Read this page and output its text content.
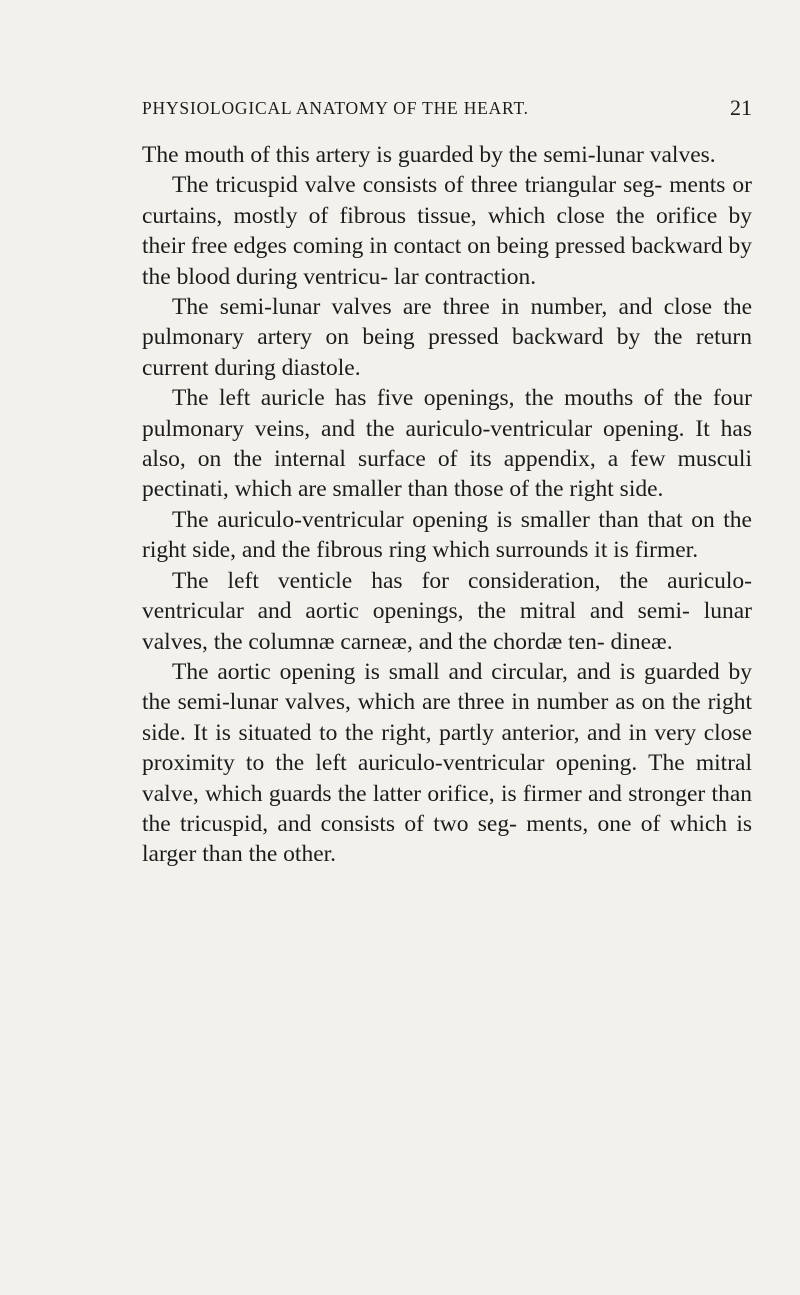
PHYSIOLOGICAL ANATOMY OF THE HEART.	21

The mouth of this artery is guarded by the semi-lunar valves.

The tricuspid valve consists of three triangular seg- ments or curtains, mostly of fibrous tissue, which close the orifice by their free edges coming in contact on being pressed backward by the blood during ventricu- lar contraction.

The semi-lunar valves are three in number, and close the pulmonary artery on being pressed backward by the return current during diastole.

The left auricle has five openings, the mouths of the four pulmonary veins, and the auriculo-ventricular opening. It has also, on the internal surface of its appendix, a few musculi pectinati, which are smaller than those of the right side.

The auriculo-ventricular opening is smaller than that on the right side, and the fibrous ring which surrounds it is firmer.

The left venticle has for consideration, the auriculo- ventricular and aortic openings, the mitral and semi- lunar valves, the columnæ carneæ, and the chordæ ten- dineæ.

The aortic opening is small and circular, and is guarded by the semi-lunar valves, which are three in number as on the right side. It is situated to the right, partly anterior, and in very close proximity to the left auriculo-ventricular opening. The mitral valve, which guards the latter orifice, is firmer and stronger than the tricuspid, and consists of two seg- ments, one of which is larger than the other.
